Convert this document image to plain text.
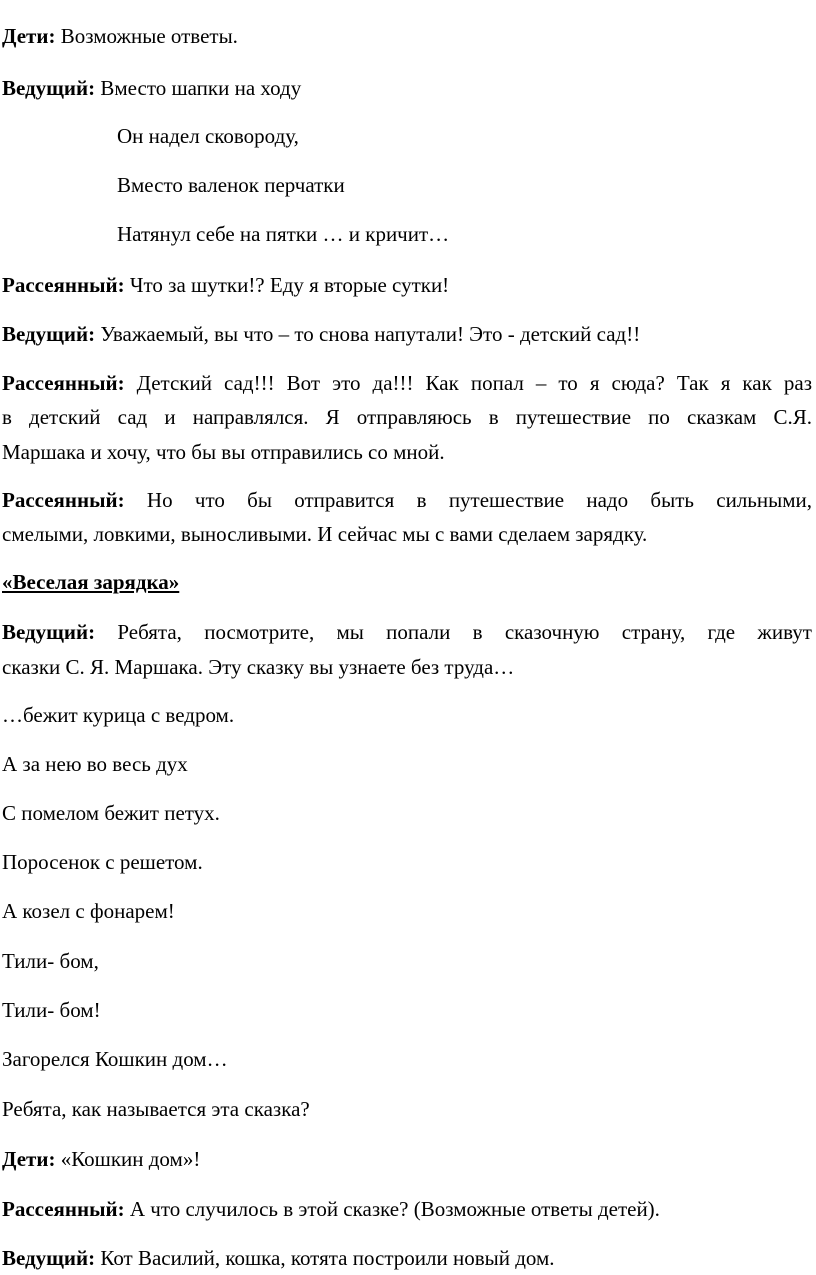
Дети: Возможные ответы.

Ведущий: Вместо шапки на ходу

Он надел сковороду,

Вместо валенок перчатки

Натянул себе на пятки … и кричит…

Рассеянный: Что за шутки!? Еду я вторые сутки!

Ведущий: Уважаемый, вы что – то снова напутали! Это - детский сад!!

Рассеянный: Детский сад!!! Вот это да!!! Как попал – то я сюда? Так я как раз

в детский сад и направлялся. Я отправляюсь в путешествие по сказкам С.Я.

Маршака и хочу, что бы вы отправились со мной.

Рассеянный: Но что бы отправится в путешествие надо быть сильными,

смелыми, ловкими, выносливыми. И сейчас мы с вами сделаем зарядку.

«Веселая зарядка»

Ведущий: Ребята, посмотрите, мы попали в сказочную страну, где живут

сказки С. Я. Маршака. Эту сказку вы узнаете без труда…

…бежит курица с ведром.

А за нею во весь дух

С помелом бежит петух.

Поросенок с решетом.

А козел с фонарем!

Тили- бом,

Тили- бом!

Загорелся Кошкин дом…

Ребята, как называется эта сказка?

Дети: «Кошкин дом»!

Рассеянный: А что случилось в этой сказке? (Возможные ответы детей).

Ведущий: Кот Василий, кошка, котята построили новый дом.
